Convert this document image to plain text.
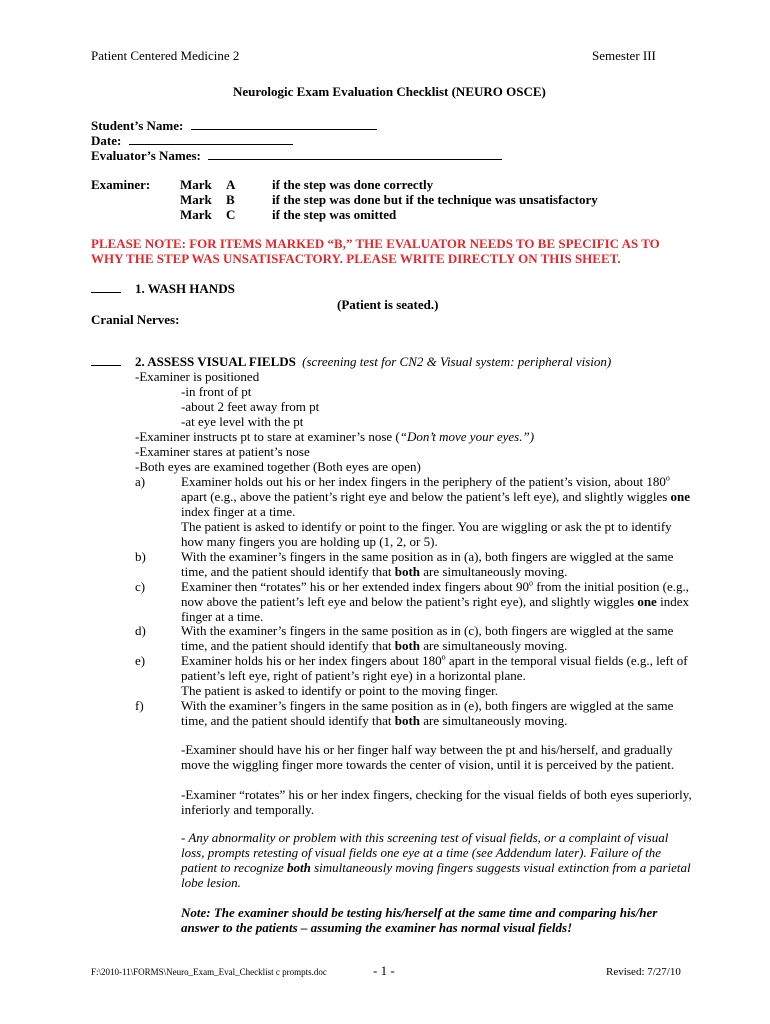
Patient Centered Medicine 2	Semester III
Neurologic Exam Evaluation Checklist (NEURO OSCE)
Student’s Name:
Date:
Evaluator’s Names:
Examiner: Mark A	if the step was done correctly
Mark B	if the step was done but if the technique was unsatisfactory
Mark C	if the step was omitted
PLEASE NOTE: FOR ITEMS MARKED “B,” THE EVALUATOR NEEDS TO BE SPECIFIC AS TO
WHY THE STEP WAS UNSATISFACTORY. PLEASE WRITE DIRECTLY ON THIS SHEET.
1. WASH HANDS
(Patient is seated.)
Cranial Nerves:
2. ASSESS VISUAL FIELDS (screening test for CN2 & Visual system: peripheral vision)
-Examiner is positioned
-in front of pt
-about 2 feet away from pt
-at eye level with the pt
-Examiner instructs pt to stare at examiner’s nose (“Don’t move your eyes.”)
-Examiner stares at patient’s nose
-Both eyes are examined together (Both eyes are open)
a)	Examiner holds out his or her index fingers in the periphery of the patient’s vision, about 180$^o$
apart (e.g., above the patient’s right eye and below the patient’s left eye), and slightly wiggles one
index finger at a time.
The patient is asked to identify or point to the finger. You are wiggling or ask the pt to identify
how many fingers you are holding up (1, 2, or 5).
b)	With the examiner’s fingers in the same position as in (a), both fingers are wiggled at the same
time, and the patient should identify that both are simultaneously moving.
c)	Examiner then “rotates” his or her extended index fingers about 90$^o$ from the initial position (e.g.,
now above the patient’s left eye and below the patient’s right eye), and slightly wiggles one index
finger at a time.
d)	With the examiner’s fingers in the same position as in (c), both fingers are wiggled at the same
time, and the patient should identify that both are simultaneously moving.
e)	Examiner holds his or her index fingers about 180$^o$ apart in the temporal visual fields (e.g., left of
patient’s left eye, right of patient’s right eye) in a horizontal plane.
The patient is asked to identify or point to the moving finger.
f)	With the examiner’s fingers in the same position as in (e), both fingers are wiggled at the same
time, and the patient should identify that both are simultaneously moving.
-Examiner should have his or her finger half way between the pt and his/herself, and gradually
move the wiggling finger more towards the center of vision, until it is perceived by the patient.
-Examiner “rotates” his or her index fingers, checking for the visual fields of both eyes superiorly,
inferiorly and temporally.
- Any abnormality or problem with this screening test of visual fields, or a complaint of visual
loss, prompts retesting of visual fields one eye at a time (see Addendum later). Failure of the
patient to recognize both simultaneously moving fingers suggests visual extinction from a parietal
lobe lesion.
Note: The examiner should be testing his/herself at the same time and comparing his/her
answer to the patients – assuming the examiner has normal visual fields!
F:\2010-11\FORMS\Neuro_Exam_Eval_Checklist c prompts.doc	- 1 -	Revised: 7/27/10
